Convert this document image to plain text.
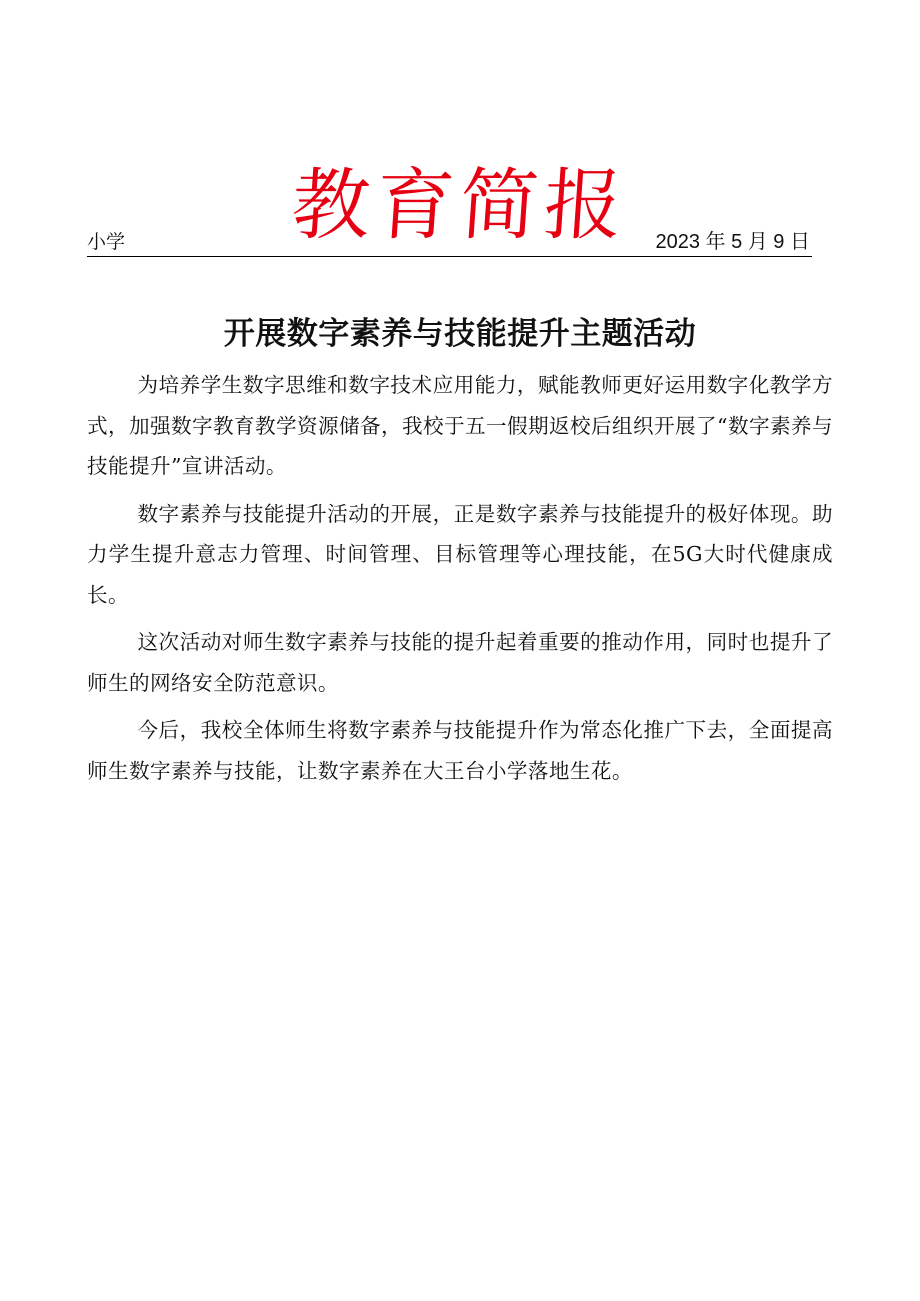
教育简报
小学	2023 年 5 月 9 日
开展数字素养与技能提升主题活动

为培养学生数字思维和数字技术应用能力，赋能教师更好运用数字化教学方式，加强数字教育教学资源储备，我校于五一假期返校后组织开展了“数字素养与技能提升”宣讲活动。

数字素养与技能提升活动的开展，正是数字素养与技能提升的极好体现。助力学生提升意志力管理、时间管理、目标管理等心理技能，在5G大时代健康成长。

这次活动对师生数字素养与技能的提升起着重要的推动作用，同时也提升了师生的网络安全防范意识。

今后，我校全体师生将数字素养与技能提升作为常态化推广下去，全面提高师生数字素养与技能，让数字素养在大王台小学落地生花。
